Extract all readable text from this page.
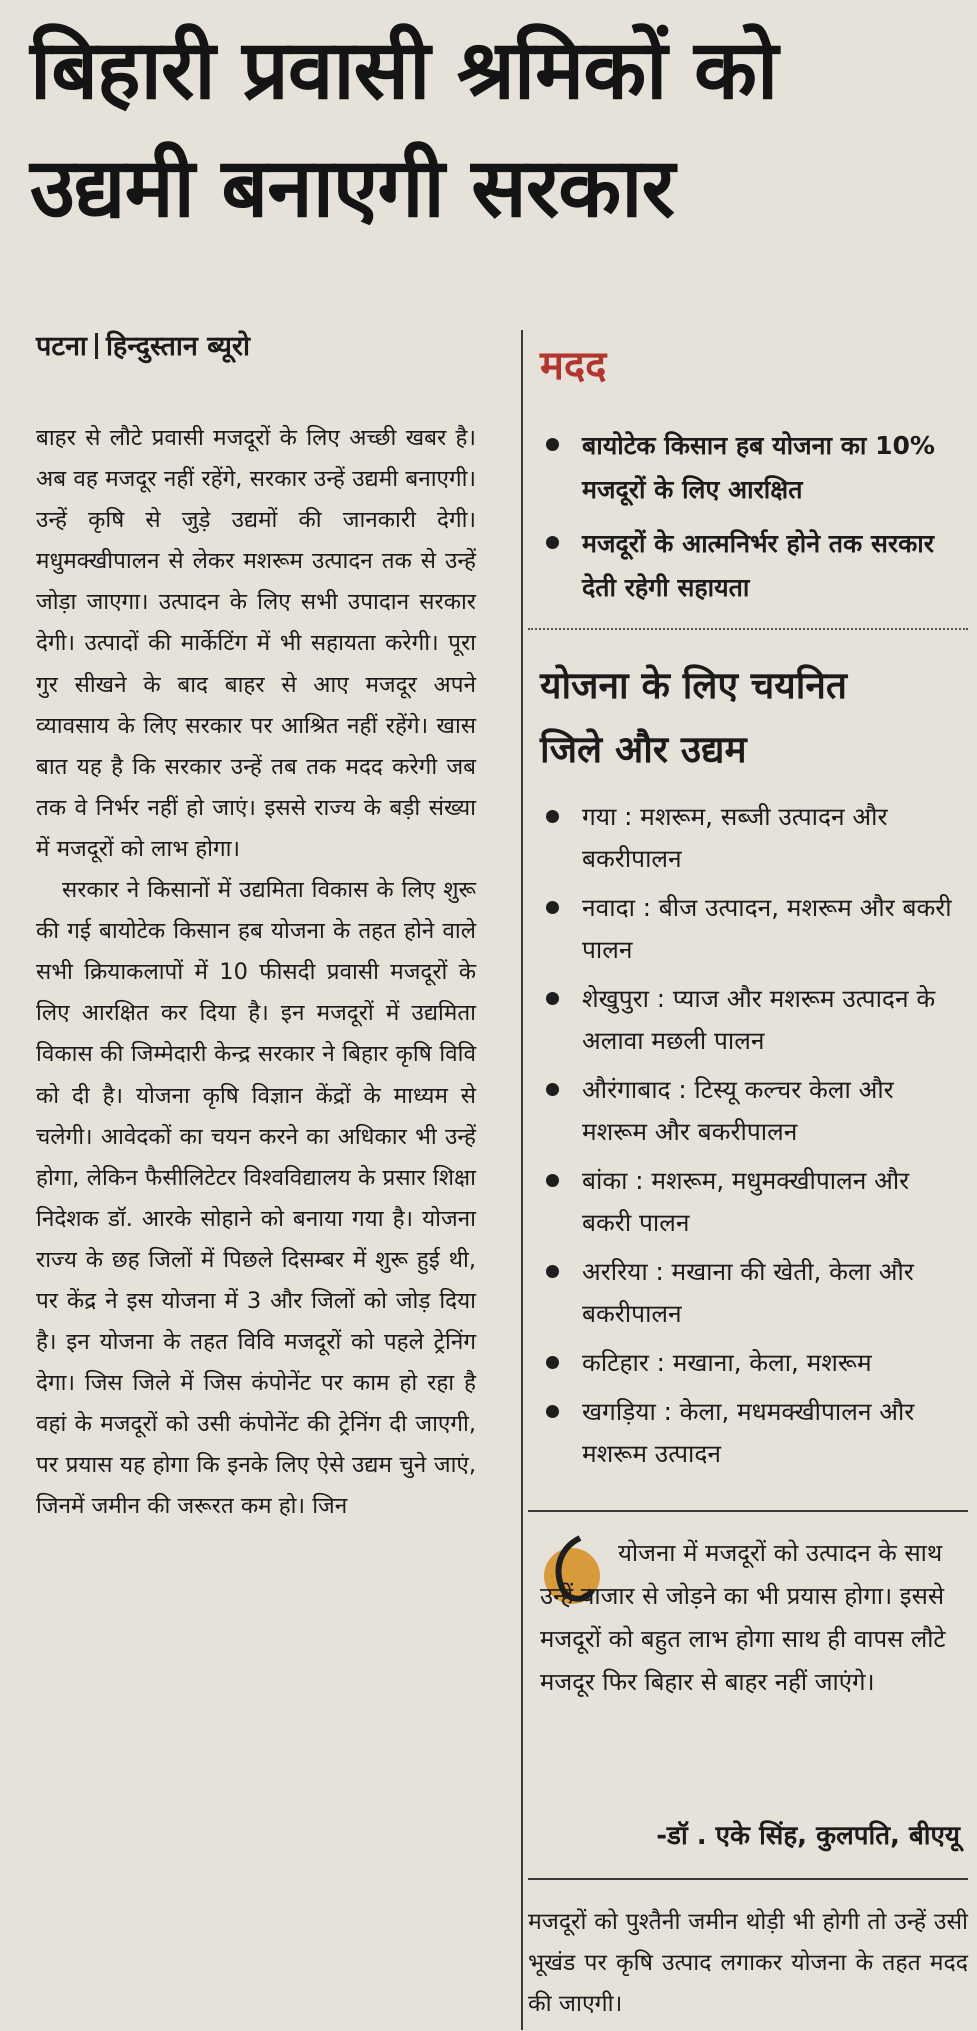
बिहारी प्रवासी श्रमिकों को
उद्यमी बनाएगी सरकार
पटना हिन्दुस्तान ब्यूरो

बाहर से लौटे प्रवासी मजदूरों के लिए अच्छी खबर है। अब वह मजदूर नहीं रहेंगे, सरकार उन्हें उद्यमी बनाएगी। उन्हें कृषि से जुड़े उद्यमों की जानकारी देगी। मधुमक्खीपालन से लेकर मशरूम उत्पादन तक से उन्हें जोड़ा जाएगा। उत्पादन के लिए सभी उपादान सरकार देगी। उत्पादों की मार्केटिंग में भी सहायता करेगी। पूरा गुर सीखने के बाद बाहर से आए मजदूर अपने व्यावसाय के लिए सरकार पर आश्रित नहीं रहेंगे। खास बात यह है कि सरकार उन्हें तब तक मदद करेगी जब तक वे निर्भर नहीं हो जाएं। इससे राज्य के बड़ी संख्या में मजदूरों को लाभ होगा।

सरकार ने किसानों में उद्यमिता विकास के लिए शुरू की गई बायोटेक किसान हब योजना के तहत होने वाले सभी क्रियाकलापों में 10 फीसदी प्रवासी मजदूरों के लिए आरक्षित कर दिया है। इन मजदूरों में उद्यमिता विकास की जिम्मेदारी केन्द्र सरकार ने बिहार कृषि विवि को दी है। योजना कृषि विज्ञान केंद्रों के माध्यम से चलेगी। आवेदकों का चयन करने का अधिकार भी उन्हें होगा, लेकिन फैसीलिटेटर विश्वविद्यालय के प्रसार शिक्षा निदेशक डॉ. आरके सोहाने को बनाया गया है। योजना राज्य के छह जिलों में पिछले दिसम्बर में शुरू हुई थी, पर केंद्र ने इस योजना में 3 और जिलों को जोड़ दिया है। इन योजना के तहत विवि मजदूरों को पहले ट्रेनिंग देगा। जिस जिले में जिस कंपोनेंट पर काम हो रहा है वहां के मजदूरों को उसी कंपोनेंट की ट्रेनिंग दी जाएगी, पर प्रयास यह होगा कि इनके लिए ऐसे उद्यम चुने जाएं, जिनमें जमीन की जरूरत कम हो। जिन

मदद
बायोटेक किसान हब योजना का 10% मजदूरों के लिए आरक्षित
मजदूरों के आत्मनिर्भर होने तक सरकार देती रहेगी सहायता
योजना के लिए चयनित
जिले और उद्यम
गया : मशरूम, सब्जी उत्पादन और बकरीपालन
नवादा : बीज उत्पादन, मशरूम और बकरी पालन
शेखुपुरा : प्याज और मशरूम उत्पादन के अलावा मछली पालन
औरंगाबाद : टिस्यू कल्चर केला और मशरूम और बकरीपालन
बांका : मशरूम, मधुमक्खीपालन और बकरी पालन
अररिया : मखाना की खेती, केला और बकरीपालन
कटिहार : मखाना, केला, मशरूम
खगड़िया : केला, मधमक्खीपालन और मशरूम उत्पादन
योजना में मजदूरों को उत्पादन के साथ उन्हें बाजार से जोड़ने का भी प्रयास होगा। इससे मजदूरों को बहुत लाभ होगा साथ ही वापस लौटे मजदूर फिर बिहार से बाहर नहीं जाएंगे।
-डॉ . एके सिंह, कुलपति, बीएयू
मजदूरों को पुश्तैनी जमीन थोड़ी भी होगी तो उन्हें उसी भूखंड पर कृषि उत्पाद लगाकर योजना के तहत मदद की जाएगी।
